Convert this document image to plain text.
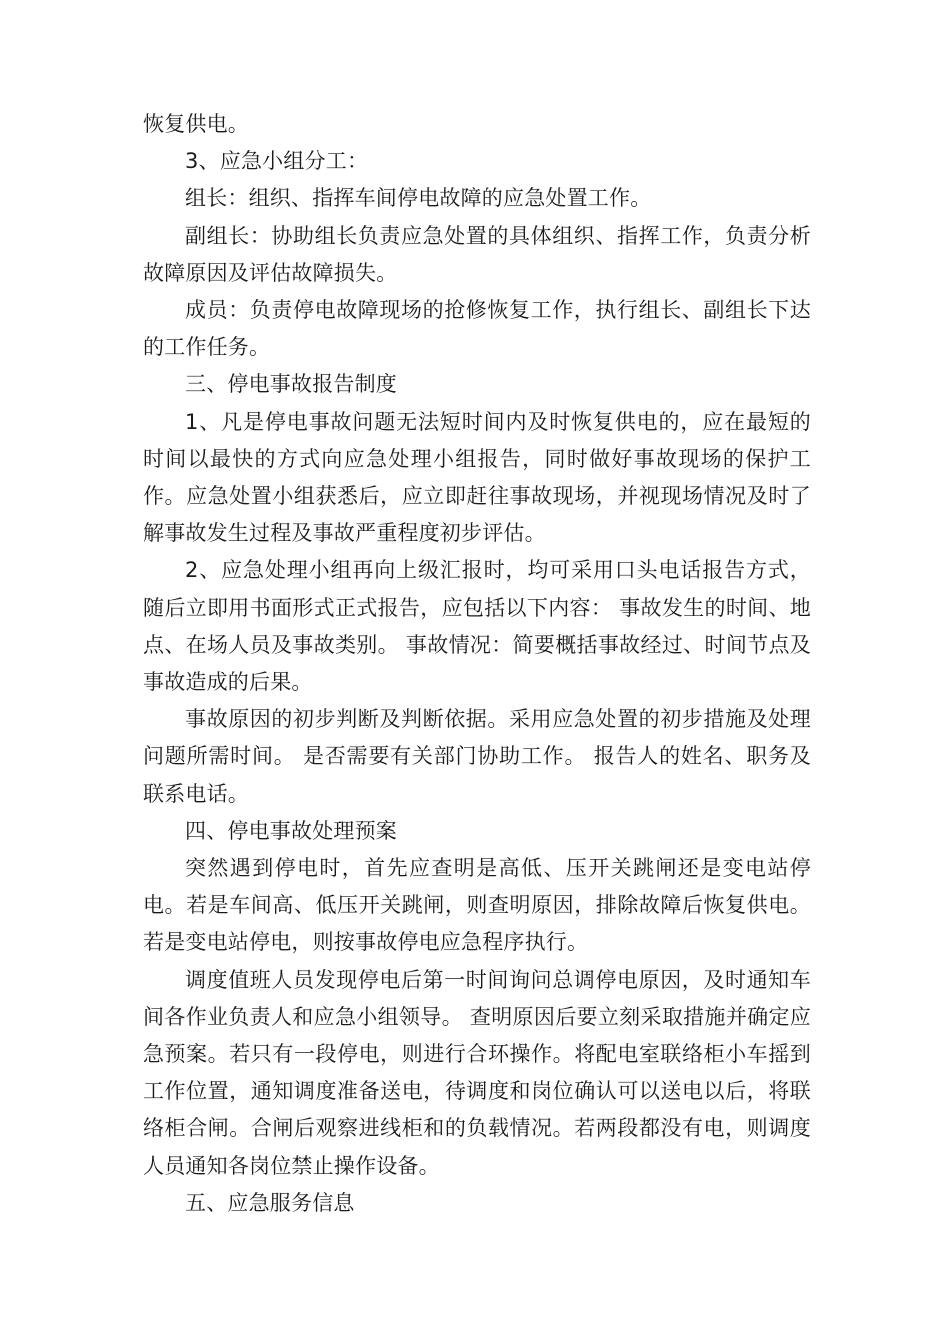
恢复供电。

3、应急小组分工：

组长：组织、指挥车间停电故障的应急处置工作。

副组长：协助组长负责应急处置的具体组织、指挥工作，负责分析故障原因及评估故障损失。

成员：负责停电故障现场的抢修恢复工作，执行组长、副组长下达的工作任务。

三、停电事故报告制度

1、凡是停电事故问题无法短时间内及时恢复供电的，应在最短的时间以最快的方式向应急处理小组报告，同时做好事故现场的保护工作。应急处置小组获悉后，应立即赶往事故现场，并视现场情况及时了解事故发生过程及事故严重程度初步评估。

2、应急处理小组再向上级汇报时，均可采用口头电话报告方式，随后立即用书面形式正式报告，应包括以下内容： 事故发生的时间、地点、在场人员及事故类别。 事故情况：简要概括事故经过、时间节点及事故造成的后果。

事故原因的初步判断及判断依据。采用应急处置的初步措施及处理问题所需时间。 是否需要有关部门协助工作。 报告人的姓名、职务及联系电话。

四、停电事故处理预案

突然遇到停电时，首先应查明是高低、压开关跳闸还是变电站停电。若是车间高、低压开关跳闸，则查明原因，排除故障后恢复供电。若是变电站停电，则按事故停电应急程序执行。

调度值班人员发现停电后第一时间询问总调停电原因，及时通知车间各作业负责人和应急小组领导。 查明原因后要立刻采取措施并确定应急预案。若只有一段停电，则进行合环操作。将配电室联络柜小车摇到工作位置，通知调度准备送电，待调度和岗位确认可以送电以后，将联络柜合闸。合闸后观察进线柜和的负载情况。若两段都没有电，则调度人员通知各岗位禁止操作设备。

五、应急服务信息
